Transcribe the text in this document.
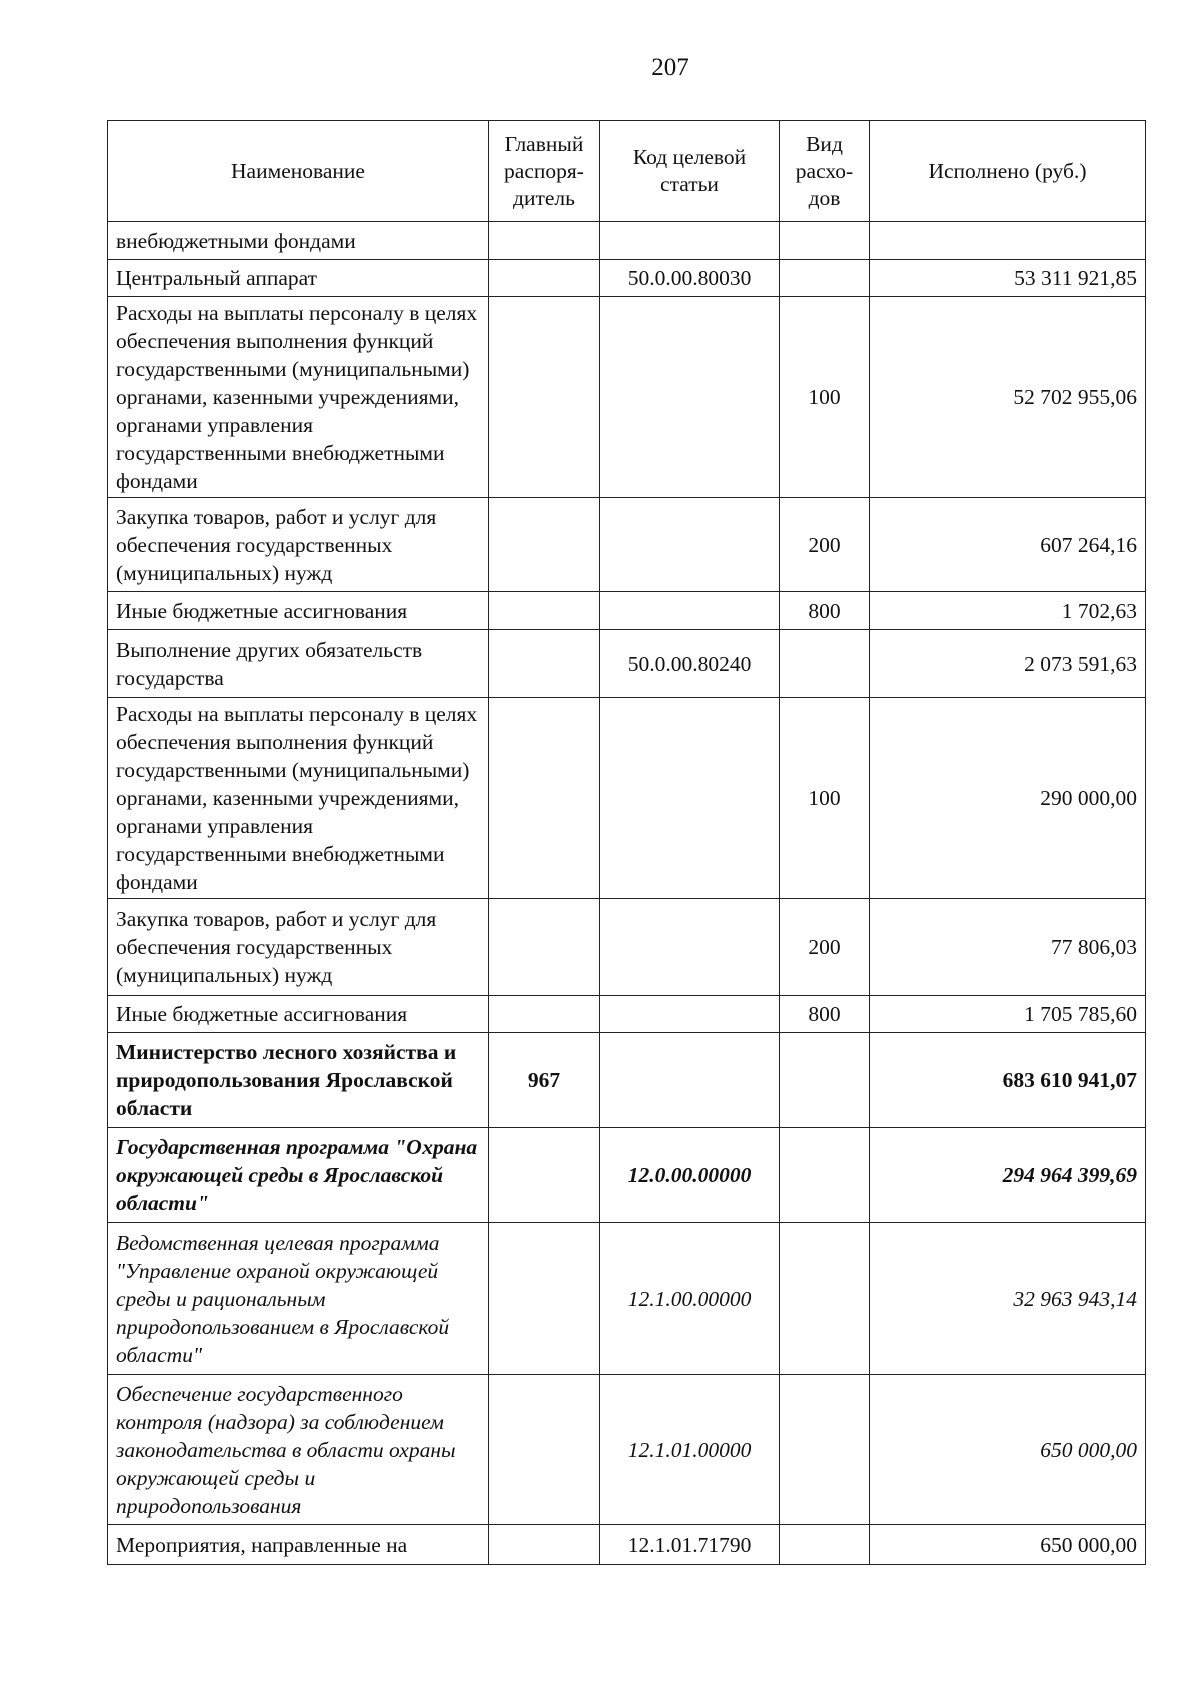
207
Наименование	Главный распоря-дитель	Код целевой статьи	Вид расхо-дов	Исполнено (руб.)
внебюджетными фондами				
Центральный аппарат		50.0.00.80030		53 311 921,85
Расходы на выплаты персоналу в целях обеспечения выполнения функций государственными (муниципальными) органами, казенными учреждениями, органами управления государственными внебюджетными фондами			100	52 702 955,06
Закупка товаров, работ и услуг для обеспечения государственных (муниципальных) нужд			200	607 264,16
Иные бюджетные ассигнования			800	1 702,63
Выполнение других обязательств государства		50.0.00.80240		2 073 591,63
Расходы на выплаты персоналу в целях обеспечения выполнения функций государственными (муниципальными) органами, казенными учреждениями, органами управления государственными внебюджетными фондами			100	290 000,00
Закупка товаров, работ и услуг для обеспечения государственных (муниципальных) нужд			200	77 806,03
Иные бюджетные ассигнования			800	1 705 785,60
Министерство лесного хозяйства и природопользования Ярославской области	967			683 610 941,07
Государственная программа "Охрана окружающей среды в Ярославской области"		12.0.00.00000		294 964 399,69
Ведомственная целевая программа "Управление охраной окружающей среды и рациональным природопользованием в Ярославской области"		12.1.00.00000		32 963 943,14
Обеспечение государственного контроля (надзора) за соблюдением законодательства в области охраны окружающей среды и природопользования		12.1.01.00000		650 000,00
Мероприятия, направленные на		12.1.01.71790		650 000,00
